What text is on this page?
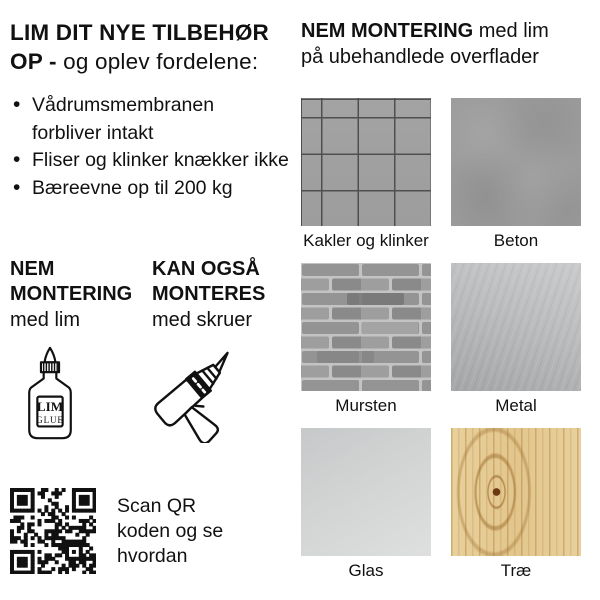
LIM DIT NYE TILBEHØR
OP - og oplev fordelene:
• Vådrumsmembranen
forbliver intakt
• Fliser og klinker knækker ikke
• Bæreevne op til 200 kg
NEM
MONTERING
med lim
LIM
GLUE
KAN OGSÅ
MONTERES
med skruer
Scan QR
koden og se
hvordan
NEM MONTERING med lim
på ubehandlede overflader
Kakler og klinker	Beton
Mursten	Metal
Glas	Træ
